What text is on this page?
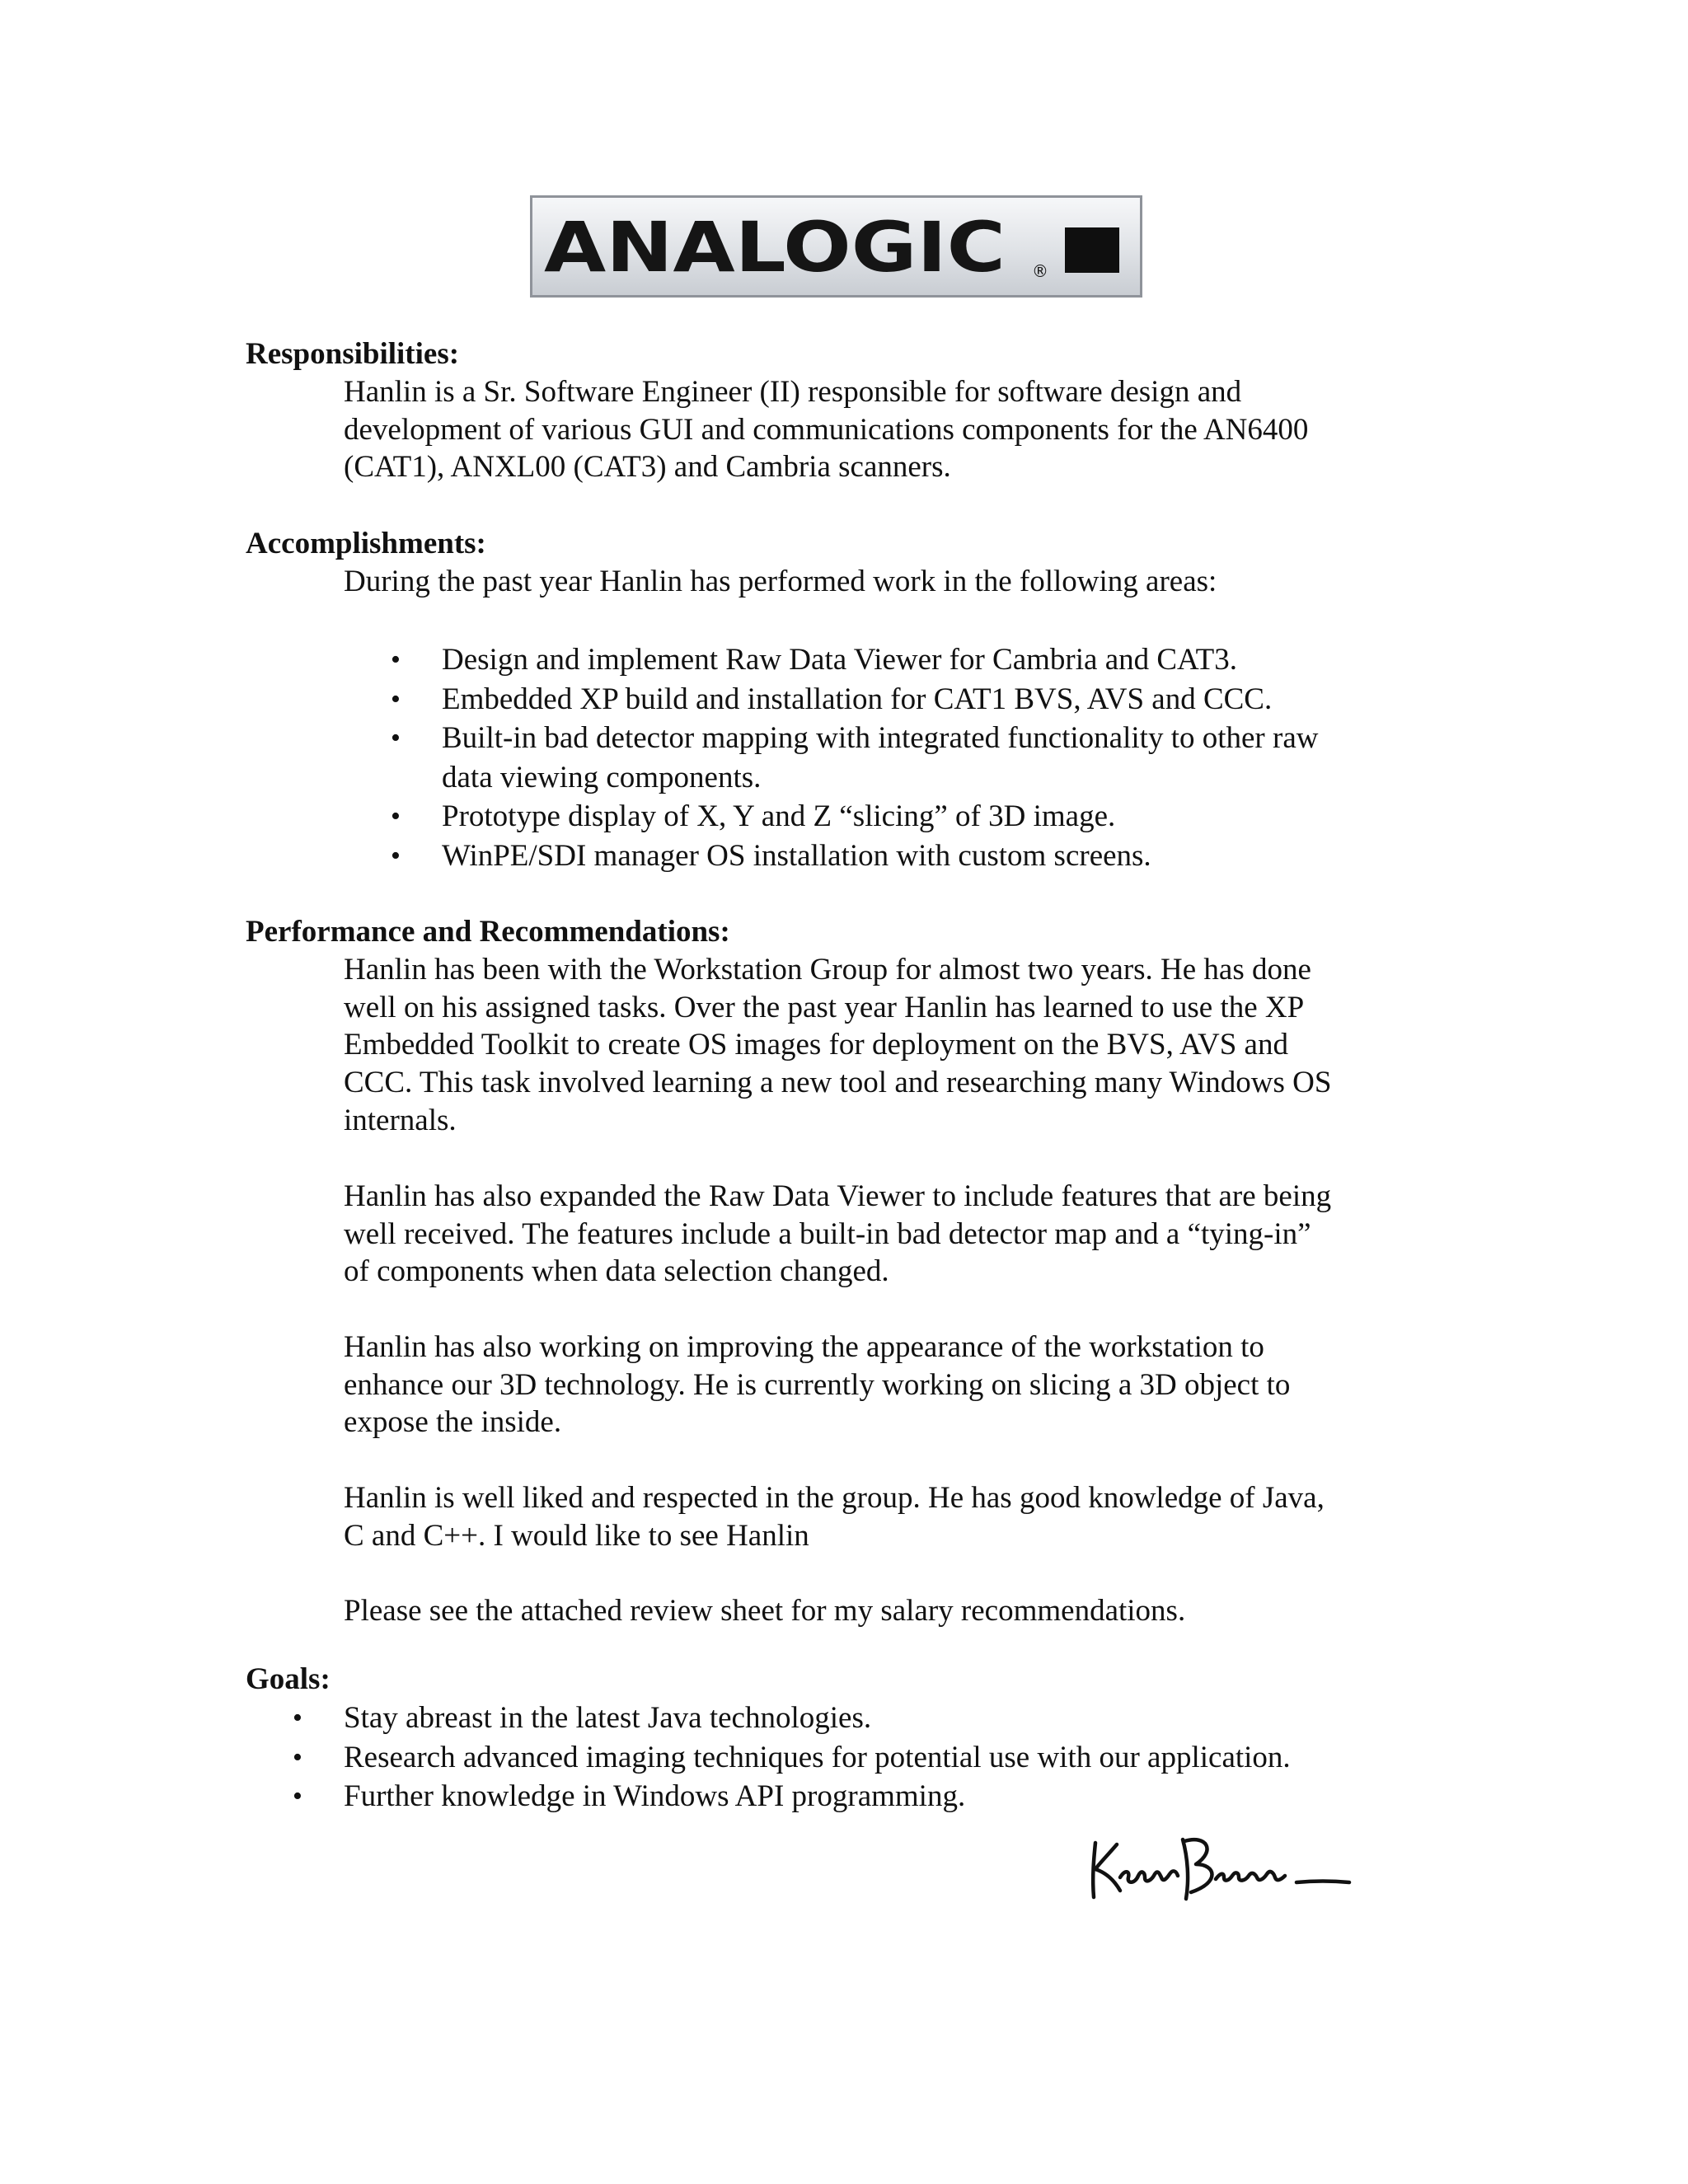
ANALOGIC ®
Responsibilities:

Hanlin is a Sr. Software Engineer (II) responsible for software design and
development of various GUI and communications components for the AN6400
(CAT1), ANXL00 (CAT3) and Cambria scanners.

Accomplishments:

During the past year Hanlin has performed work in the following areas:

• Design and implement Raw Data Viewer for Cambria and CAT3.
• Embedded XP build and installation for CAT1 BVS, AVS and CCC.
• Built-in bad detector mapping with integrated functionality to other raw
data viewing components.
• Prototype display of X, Y and Z “slicing” of 3D image.
• WinPE/SDI manager OS installation with custom screens.
Performance and Recommendations:

Hanlin has been with the Workstation Group for almost two years. He has done
well on his assigned tasks. Over the past year Hanlin has learned to use the XP
Embedded Toolkit to create OS images for deployment on the BVS, AVS and
CCC. This task involved learning a new tool and researching many Windows OS
internals.

Hanlin has also expanded the Raw Data Viewer to include features that are being
well received. The features include a built-in bad detector map and a “tying-in”
of components when data selection changed.

Hanlin has also working on improving the appearance of the workstation to
enhance our 3D technology. He is currently working on slicing a 3D object to
expose the inside.

Hanlin is well liked and respected in the group. He has good knowledge of Java,
C and C++. I would like to see Hanlin

Please see the attached review sheet for my salary recommendations.

Goals:
• Stay abreast in the latest Java technologies.
• Research advanced imaging techniques for potential use with our application.
• Further knowledge in Windows API programming.
